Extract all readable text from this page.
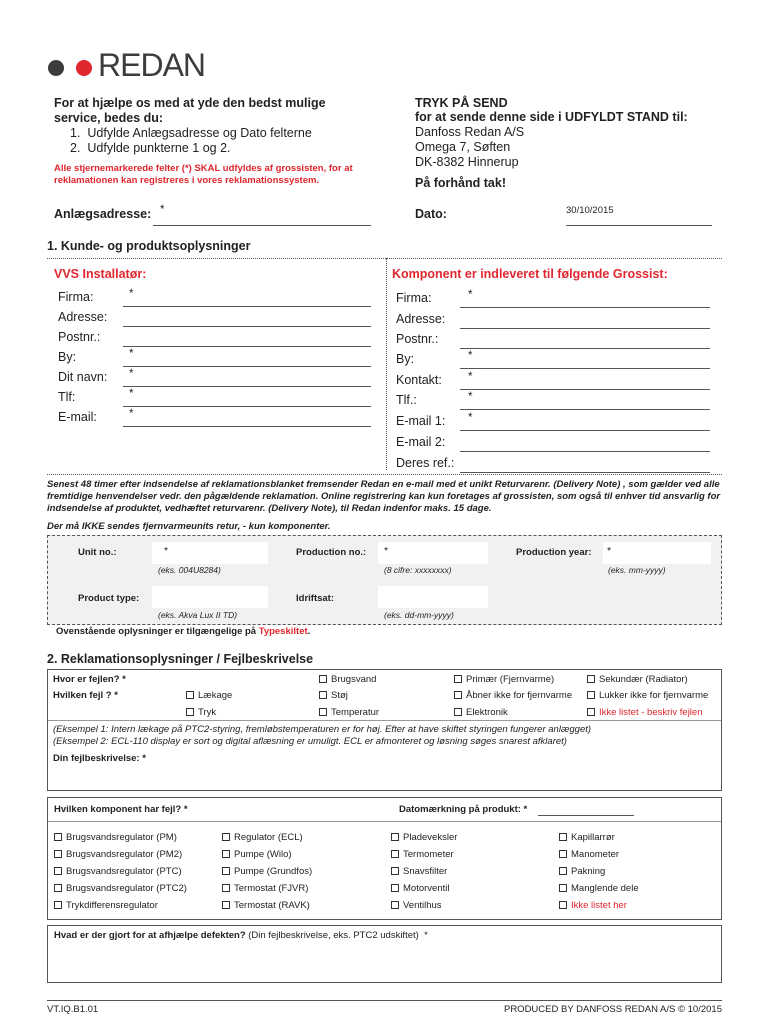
REDAN
For at hjælpe os med at yde den bedst mulige service, bedes du:
1.  Udfylde Anlægsadresse og Dato felterne
2.  Udfylde punkterne 1 og 2.
Alle stjernemarkerede felter (*) SKAL udfyldes af grossisten, for at reklamationen kan registreres i vores reklamationssystem.
TRYK PÅ SEND
for at sende denne side i UDFYLDT STAND til:
Danfoss Redan A/S
Omega 7, Søften
DK-8382 Hinnerup
På forhånd tak!
Anlægsadresse: *	Dato:	30/10/2015
1. Kunde- og produktsoplysninger
VVS Installatør:	Komponent er indleveret til følgende Grossist:
Firma:	*
Adresse:
Postnr.:
By:	*
Dit navn: *
Tlf:	*
E-mail:	*
Firma:	*
Adresse:
Postnr.:
By:	*
Kontakt: *
Tlf.:	*
E-mail 1: *
E-mail 2:
Deres ref.:
Senest 48 timer efter indsendelse af reklamationsblanket fremsender Redan en e-mail med et unikt Returvarenr. (Delivery Note) , som gælder ved alle fremtidige henvendelser vedr. den pågældende reklamation. Online registrering kan kun foretages af grossisten, som også til enhver tid ansvarlig for indsendelse af produktet, vedhæftet returvarenr. (Delivery Note), til Redan indenfor maks. 15 dage.
Der må IKKE sendes fjernvarmeunits retur, - kun komponenter.
Unit no.:	*
(eks. 004U8284)
Production no.: *
(8 cifre: xxxxxxxx)
Production year: *
(eks. mm-yyyy)
Product type:
(eks. Akva Lux II TD)
Idriftsat:
(eks. dd-mm-yyyy)
Ovenstående oplysninger er tilgængelige på Typeskiltet.
2. Reklamationsoplysninger / Fejlbeskrivelse
Hvor er fejlen? *
Hvilken fejl ? *
Brugsvand	Primær (Fjernvarme)	Sekundær (Radiator)
Lækage	Støj	Åbner ikke for fjernvarme	Lukker ikke for fjernvarme
Tryk	Temperatur	Elektronik	Ikke listet - beskriv fejlen
(Eksempel 1: Intern lækage på PTC2-styring, fremløbstemperaturen er for høj. Efter at have skiftet styringen fungerer anlægget)
(Eksempel 2: ECL-110 display er sort og digital aflæsning er umuligt. ECL er afmonteret og løsning søges snarest afklaret)
Din fejlbeskrivelse: *
Hvilken komponent har fejl? *	Datomærkning på produkt: *
Brugsvandsregulator (PM)
Brugsvandsregulator (PM2)
Brugsvandsregulator (PTC)
Brugsvandsregulator (PTC2)
Trykdifferensregulator
Regulator (ECL)
Pumpe (Wilo)
Pumpe (Grundfos)
Termostat (FJVR)
Termostat (RAVK)
Pladeveksler
Termometer
Snavsfilter
Motorventil
Ventilhus
Kapillarrør
Manometer
Pakning
Manglende dele
Ikke listet her
Hvad er der gjort for at afhjælpe defekten? (Din fejlbeskrivelse, eks. PTC2 udskiftet)  *
VT.IQ.B1.01	PRODUCED BY DANFOSS REDAN A/S © 10/2015
